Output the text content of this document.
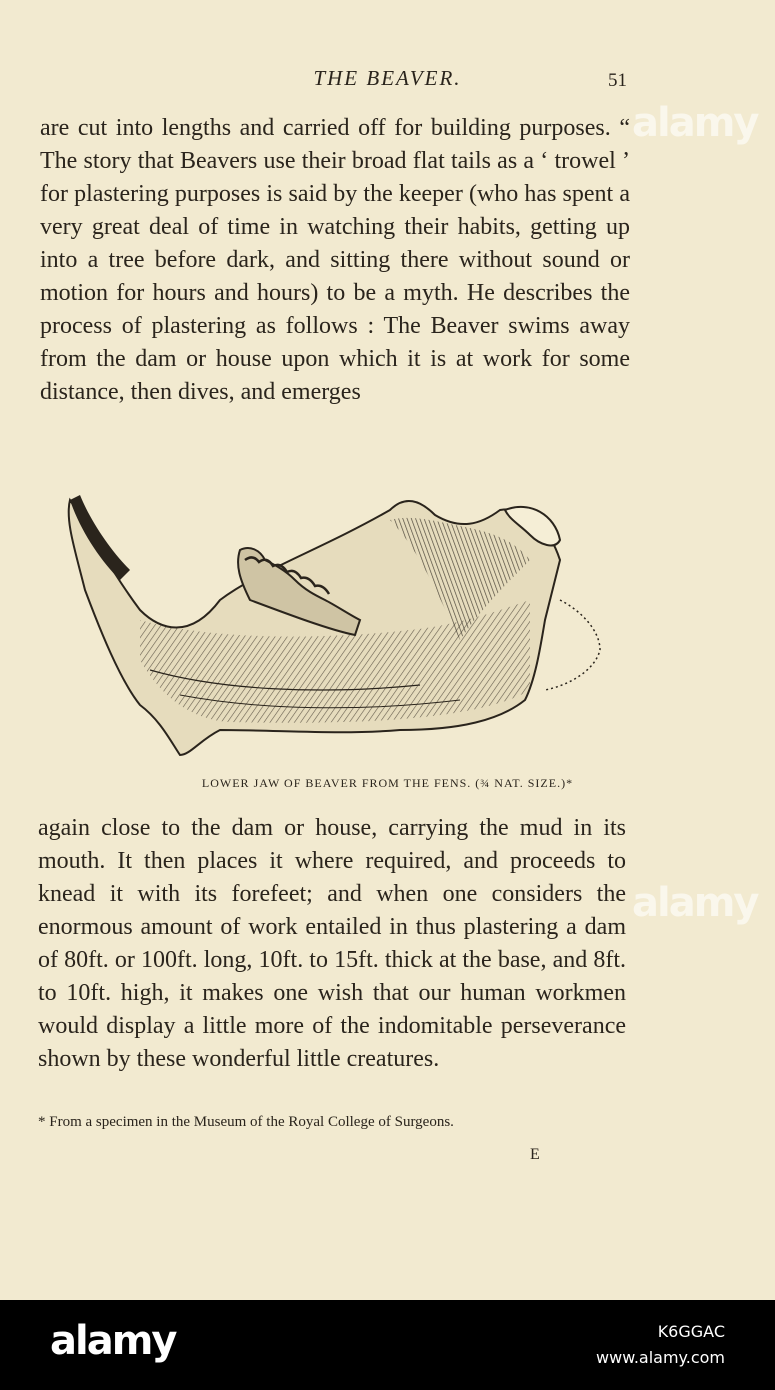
THE BEAVER.	51

are cut into lengths and carried off for building purposes. “ The story that Beavers use their broad flat tails as a ‘ trowel ’ for plastering purposes is said by the keeper (who has spent a very great deal of time in watching their habits, getting up into a tree before dark, and sitting there without sound or motion for hours and hours) to be a myth. He describes the process of plastering as follows : The Beaver swims away from the dam or house upon which it is at work for some distance, then dives, and emerges

LOWER JAW OF BEAVER FROM THE FENS. (¾ NAT. SIZE.)*

again close to the dam or house, carrying the mud in its mouth. It then places it where required, and proceeds to knead it with its forefeet; and when one considers the enormous amount of work entailed in thus plastering a dam of 80ft. or 100ft. long, 10ft. to 15ft. thick at the base, and 8ft. to 10ft. high, it makes one wish that our human workmen would display a little more of the indomitable perseverance shown by these wonderful little creatures.

* From a specimen in the Museum of the Royal College of Surgeons.
E
alamy
alamy
alamy	K6GGAC
www.alamy.com
